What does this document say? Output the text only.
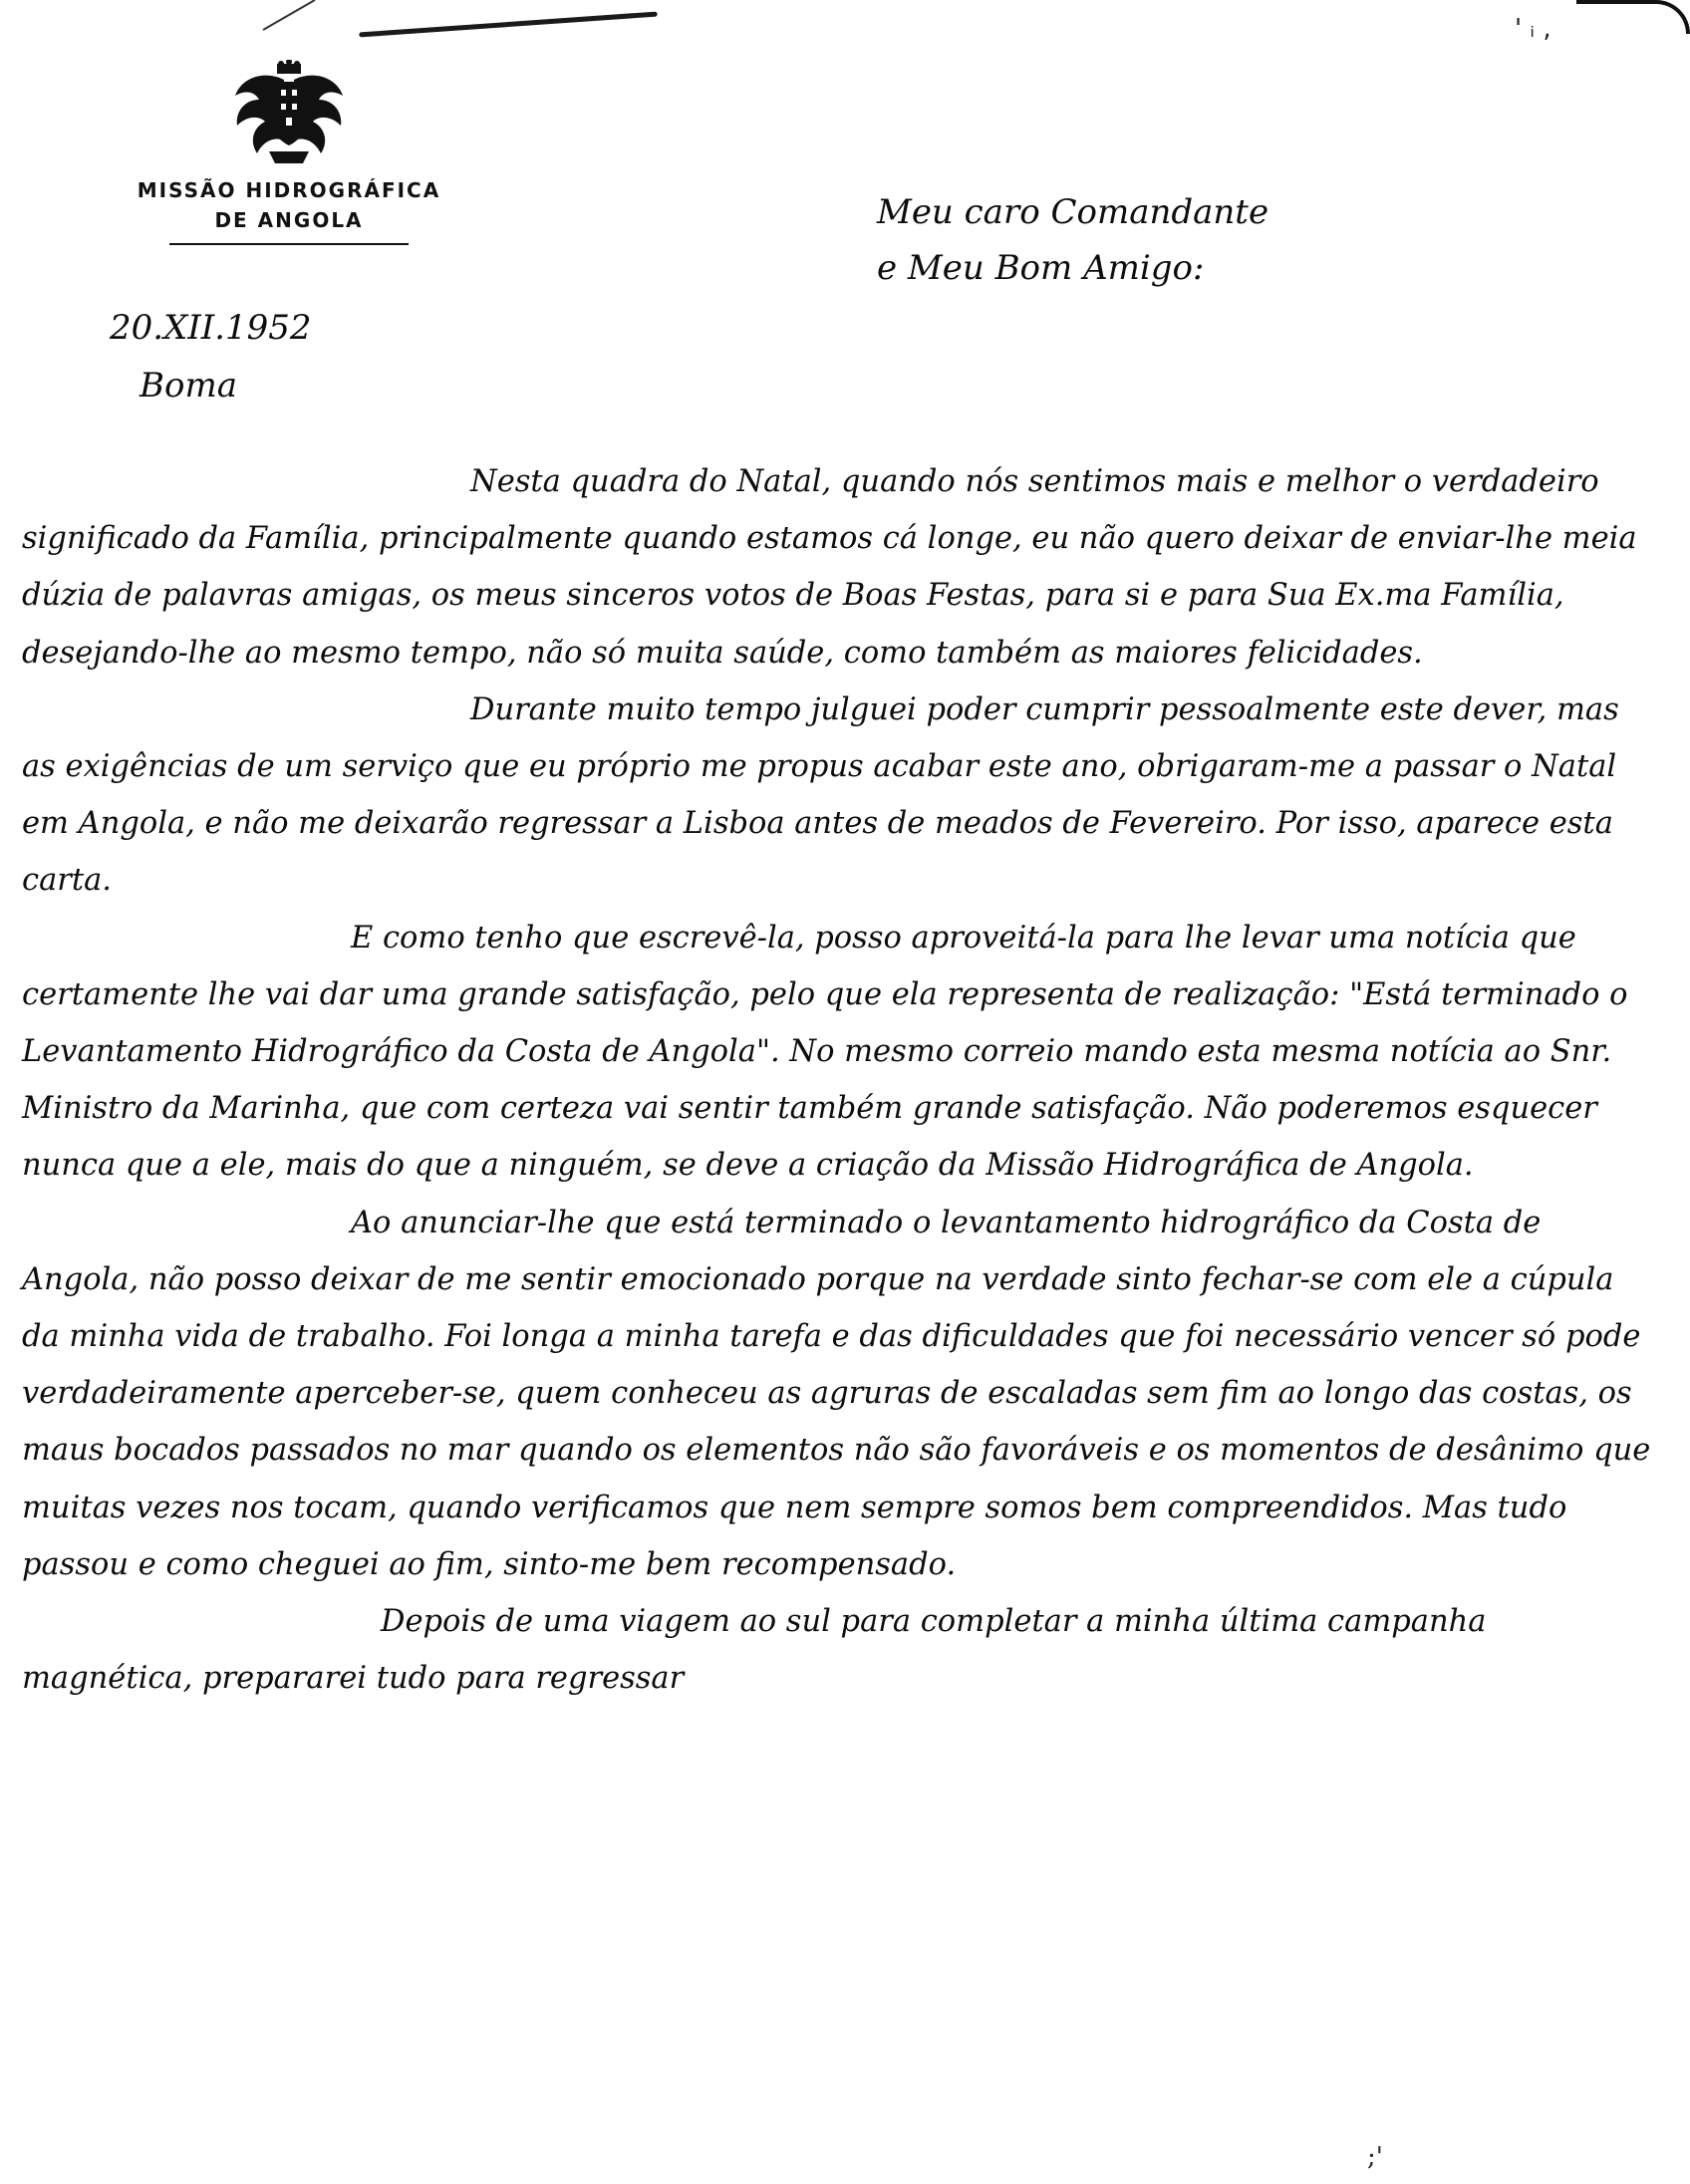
' ᵢ ,
;'
MISSÃO HIDROGRÁFICA
DE ANGOLA	Meu caro Comandante
e Meu Bom Amigo:
20.XII.1952
Boma

Nesta quadra do Natal, quando nós sentimos mais e melhor o verdadeiro significado da Família, principalmente quando estamos cá longe, eu não quero deixar de enviar-lhe meia dúzia de palavras amigas, os meus sinceros votos de Boas Festas, para si e para Sua Ex.ma Família, desejando-lhe ao mesmo tempo, não só muita saúde, como também as maiores felicidades.

Durante muito tempo julguei poder cumprir pessoalmente este dever, mas as exigências de um serviço que eu próprio me propus acabar este ano, obrigaram-me a passar o Natal em Angola, e não me deixarão regressar a Lisboa antes de meados de Fevereiro. Por isso, aparece esta carta.

E como tenho que escrevê-la, posso aproveitá-la para lhe levar uma notícia que certamente lhe vai dar uma grande satisfação, pelo que ela representa de realização: "Está terminado o Levantamento Hidrográfico da Costa de Angola". No mesmo correio mando esta mesma notícia ao Snr. Ministro da Marinha, que com certeza vai sentir também grande satisfação. Não poderemos esquecer nunca que a ele, mais do que a ninguém, se deve a criação da Missão Hidrográfica de Angola.

Ao anunciar-lhe que está terminado o levantamento hidrográfico da Costa de Angola, não posso deixar de me sentir emocionado porque na verdade sinto fechar-se com ele a cúpula da minha vida de trabalho. Foi longa a minha tarefa e das dificuldades que foi necessário vencer só pode verdadeiramente aperceber-se, quem conheceu as agruras de escaladas sem fim ao longo das costas, os maus bocados passados no mar quando os elementos não são favoráveis e os momentos de desânimo que muitas vezes nos tocam, quando verificamos que nem sempre somos bem compreendidos. Mas tudo passou e como cheguei ao fim, sinto-me bem recompensado.

Depois de uma viagem ao sul para completar a minha última campanha magnética, prepararei tudo para regressar
